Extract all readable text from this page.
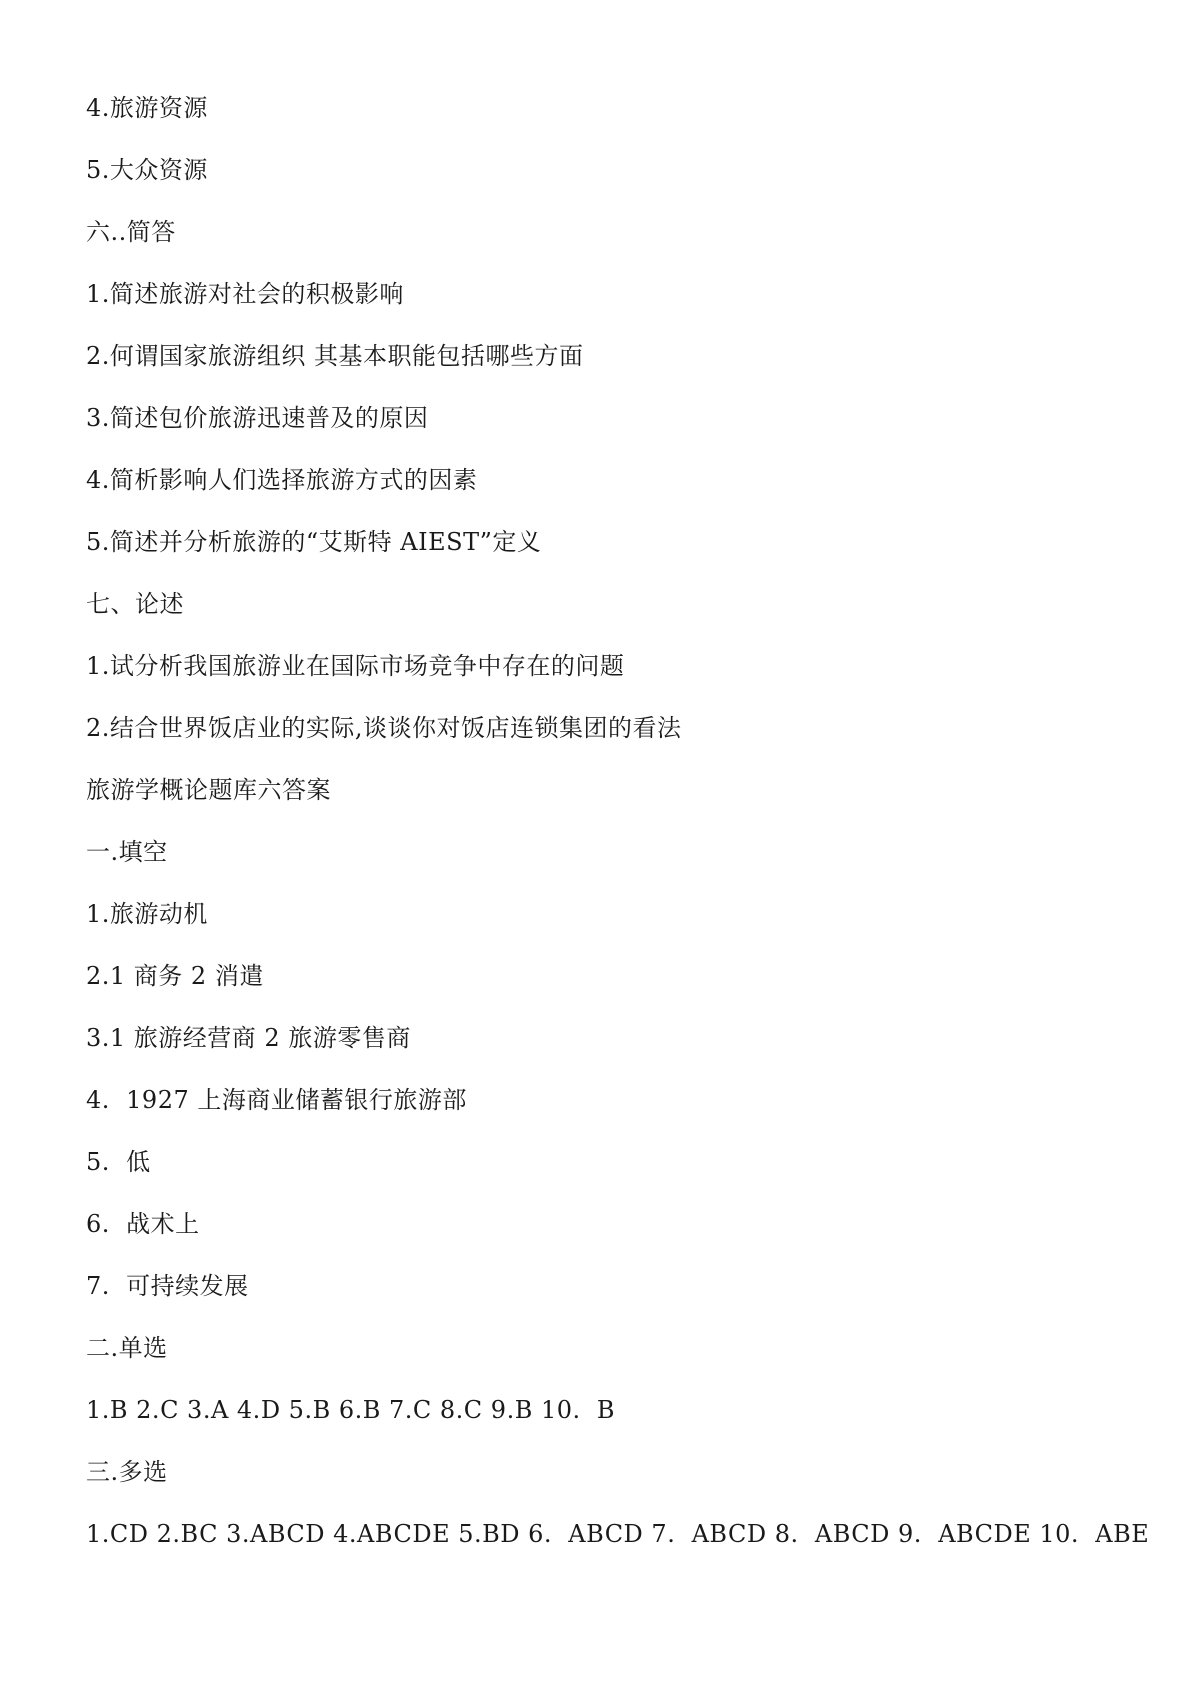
4.旅游资源
5.大众资源
六..简答
1.简述旅游对社会的积极影响
2.何谓国家旅游组织 其基本职能包括哪些方面
3.简述包价旅游迅速普及的原因
4.简析影响人们选择旅游方式的因素
5.简述并分析旅游的“艾斯特 AIEST”定义
七、论述
1.试分析我国旅游业在国际市场竞争中存在的问题
2.结合世界饭店业的实际,谈谈你对饭店连锁集团的看法
旅游学概论题库六答案
一.填空
1.旅游动机
2.1 商务 2 消遣
3.1 旅游经营商 2 旅游零售商
4.  1927 上海商业储蓄银行旅游部
5.  低
6.  战术上
7.  可持续发展
二.单选
1.B 2.C 3.A 4.D 5.B 6.B 7.C 8.C 9.B 10.  B
三.多选
1.CD 2.BC 3.ABCD 4.ABCDE 5.BD 6.  ABCD 7.  ABCD 8.  ABCD 9.  ABCDE 10.  ABE
